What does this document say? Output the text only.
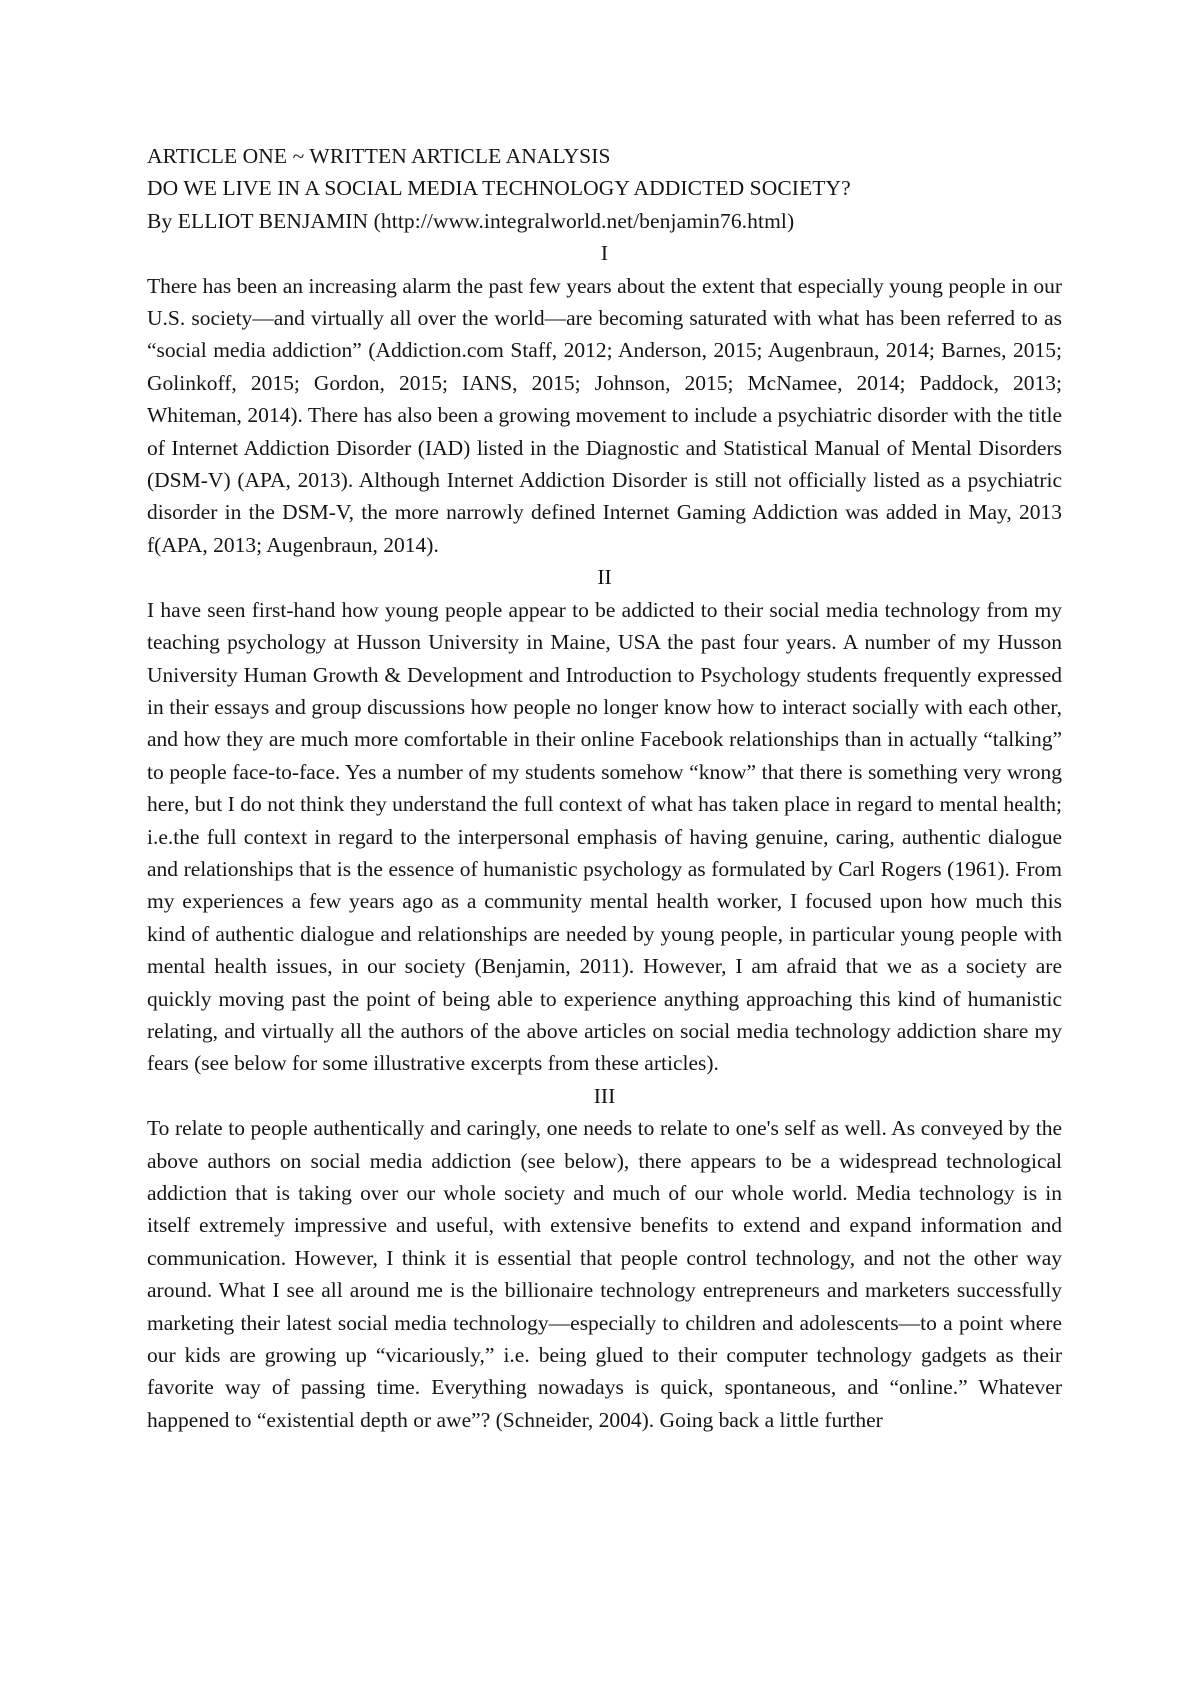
ARTICLE ONE ~ WRITTEN ARTICLE ANALYSIS

DO WE LIVE IN A SOCIAL MEDIA TECHNOLOGY ADDICTED SOCIETY?

By ELLIOT BENJAMIN (http://www.integralworld.net/benjamin76.html)

I

There has been an increasing alarm the past few years about the extent that especially young people in our U.S. society—and virtually all over the world—are becoming saturated with what has been referred to as “social media addiction” (Addiction.com Staff, 2012; Anderson, 2015; Augenbraun, 2014; Barnes, 2015; Golinkoff, 2015; Gordon, 2015; IANS, 2015; Johnson, 2015; McNamee, 2014; Paddock, 2013; Whiteman, 2014). There has also been a growing movement to include a psychiatric disorder with the title of Internet Addiction Disorder (IAD) listed in the Diagnostic and Statistical Manual of Mental Disorders (DSM-V) (APA, 2013). Although Internet Addiction Disorder is still not officially listed as a psychiatric disorder in the DSM-V, the more narrowly defined Internet Gaming Addiction was added in May, 2013 f(APA, 2013; Augenbraun, 2014).

II

I have seen first-hand how young people appear to be addicted to their social media technology from my teaching psychology at Husson University in Maine, USA the past four years. A number of my Husson University Human Growth & Development and Introduction to Psychology students frequently expressed in their essays and group discussions how people no longer know how to interact socially with each other, and how they are much more comfortable in their online Facebook relationships than in actually “talking” to people face-to-face. Yes a number of my students somehow “know” that there is something very wrong here, but I do not think they understand the full context of what has taken place in regard to mental health; i.e.the full context in regard to the interpersonal emphasis of having genuine, caring, authentic dialogue and relationships that is the essence of humanistic psychology as formulated by Carl Rogers (1961). From my experiences a few years ago as a community mental health worker, I focused upon how much this kind of authentic dialogue and relationships are needed by young people, in particular young people with mental health issues, in our society (Benjamin, 2011). However, I am afraid that we as a society are quickly moving past the point of being able to experience anything approaching this kind of humanistic relating, and virtually all the authors of the above articles on social media technology addiction share my fears (see below for some illustrative excerpts from these articles).

III

To relate to people authentically and caringly, one needs to relate to one's self as well. As conveyed by the above authors on social media addiction (see below), there appears to be a widespread technological addiction that is taking over our whole society and much of our whole world. Media technology is in itself extremely impressive and useful, with extensive benefits to extend and expand information and communication. However, I think it is essential that people control technology, and not the other way around. What I see all around me is the billionaire technology entrepreneurs and marketers successfully marketing their latest social media technology—especially to children and adolescents—to a point where our kids are growing up “vicariously,” i.e. being glued to their computer technology gadgets as their favorite way of passing time. Everything nowadays is quick, spontaneous, and “online.” Whatever happened to “existential depth or awe”? (Schneider, 2004). Going back a little further
